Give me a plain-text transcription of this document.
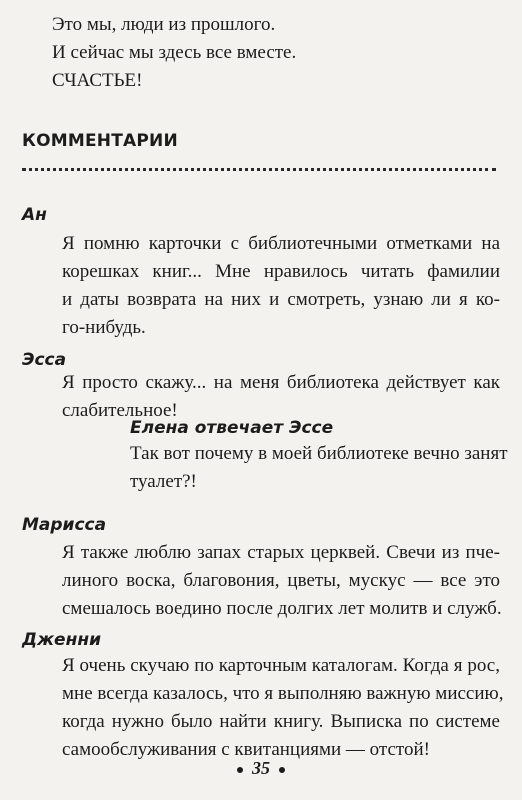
Это мы, люди из прошлого.
И сейчас мы здесь все вместе.
СЧАСТЬЕ!
КОММЕНТАРИИ
Ан
Я помню карточки с библиотечными отметками на
корешках книг... Мне нравилось читать фамилии
и даты возврата на них и смотреть, узнаю ли я ко-
го-нибудь.
Эсса
Я просто скажу... на меня библиотека действует как
слабительное!
Елена отвечает Эссе
Так вот почему в моей библиотеке вечно занят
туалет?!
Марисса
Я также люблю запах старых церквей. Свечи из пче-
линого воска, благовония, цветы, мускус — все это
смешалось воедино после долгих лет молитв и служб.
Дженни
Я очень скучаю по карточным каталогам. Когда я рос,
мне всегда казалось, что я выполняю важную миссию,
когда нужно было найти книгу. Выписка по системе
самообслуживания с квитанциями — отстой!
35
